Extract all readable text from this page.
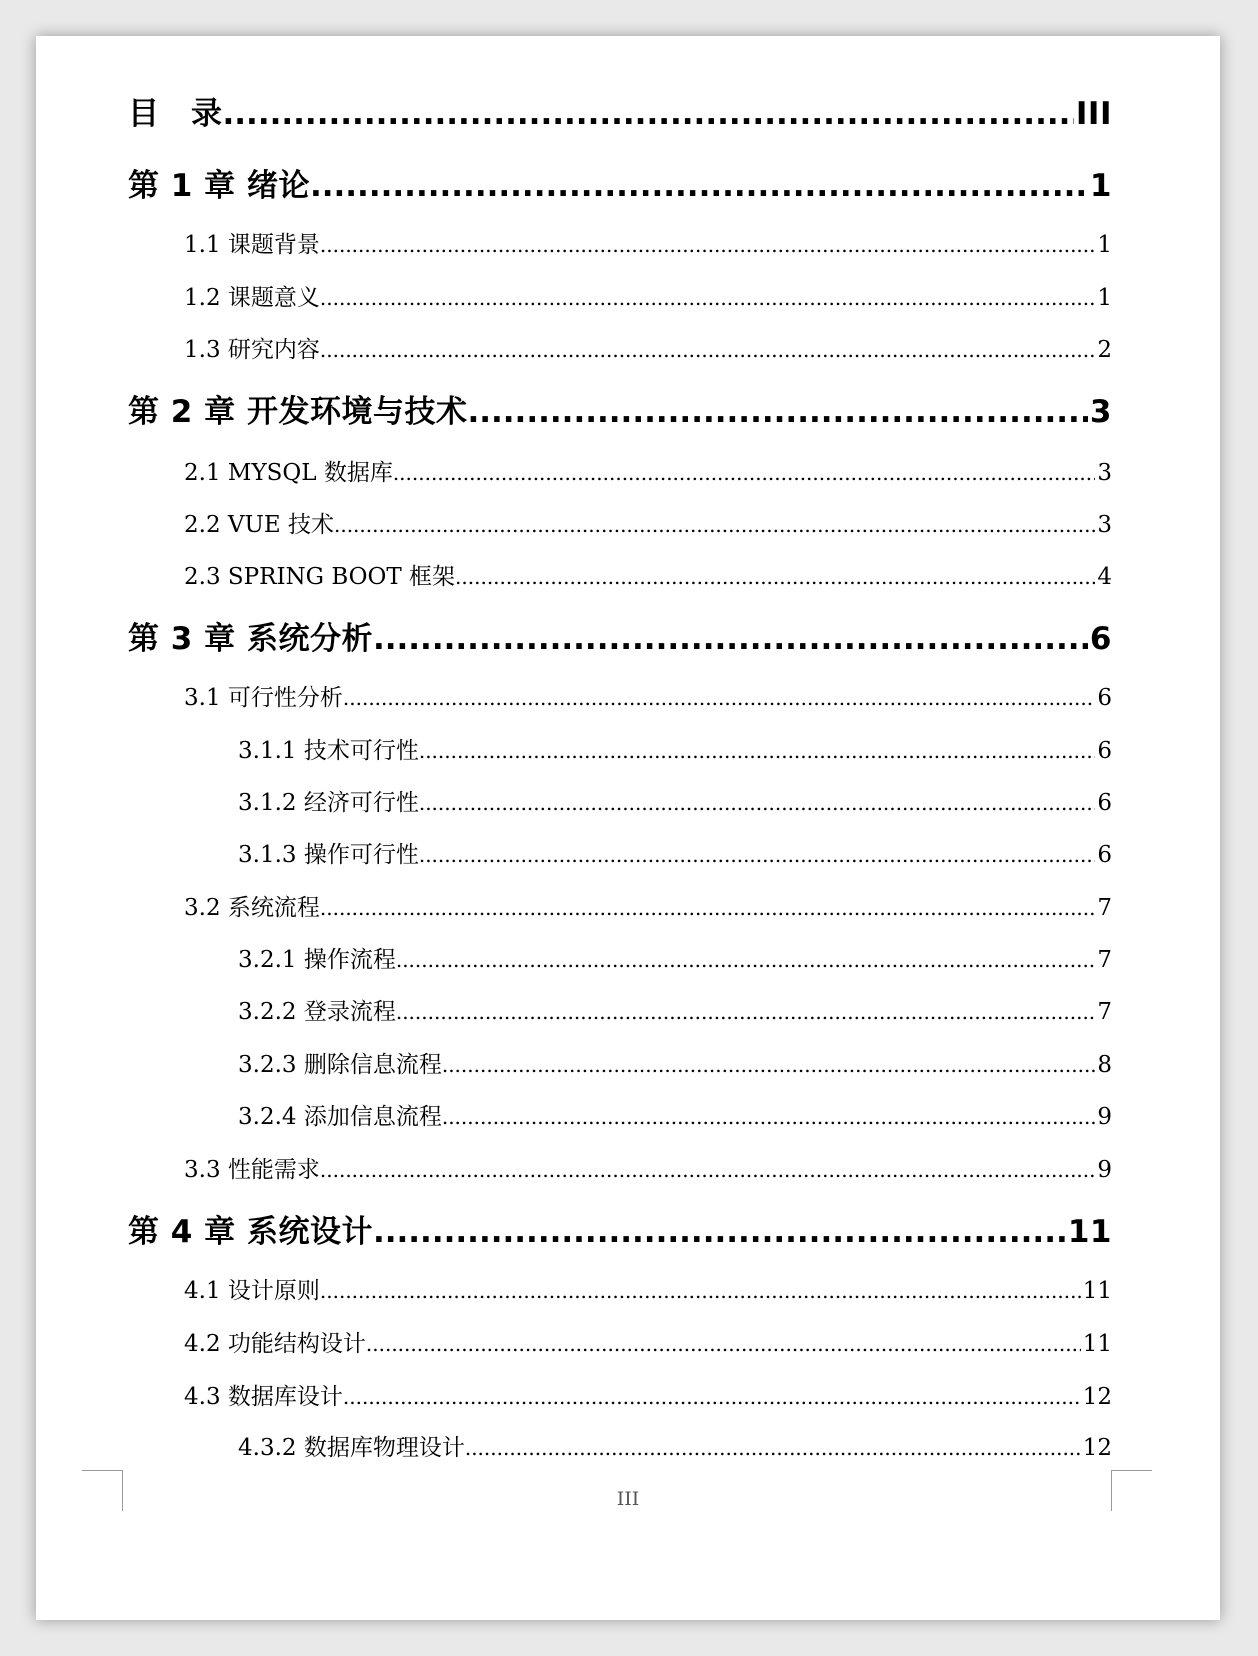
目　录 .....	III
第 1 章 绪论 .....	1
1.1 课题背景 .....	1
1.2 课题意义 .....	1
1.3 研究内容 .....	2
第 2 章 开发环境与技术 .....	3
2.1 MYSQL 数据库 .....	3
2.2 VUE 技术 .....	3
2.3 SPRING BOOT 框架 .....	4
第 3 章 系统分析 .....	6
3.1 可行性分析 .....	6
3.1.1 技术可行性 .....	6
3.1.2 经济可行性 .....	6
3.1.3 操作可行性 .....	6
3.2 系统流程 .....	7
3.2.1 操作流程 .....	7
3.2.2 登录流程 .....	7
3.2.3 删除信息流程 .....	8
3.2.4 添加信息流程 .....	9
3.3 性能需求 .....	9
第 4 章 系统设计 .....	11
4.1 设计原则 .....	11
4.2 功能结构设计 .....	11
4.3 数据库设计 .....	12
4.3.2 数据库物理设计 .....	12
III
